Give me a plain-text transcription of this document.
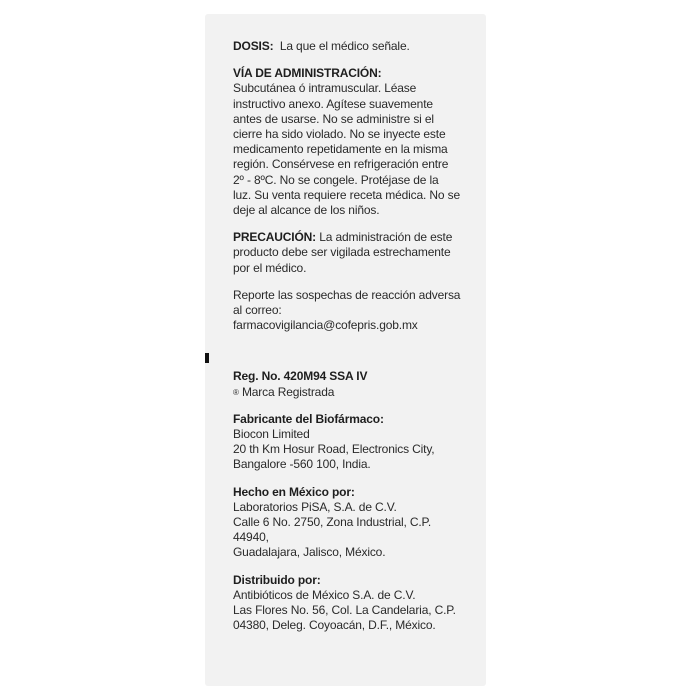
DOSIS: La que el médico señale.
VÍA DE ADMINISTRACIÓN:
Subcutánea ó intramuscular. Léase
instructivo anexo. Agítese suavemente
antes de usarse. No se administre si el
cierre ha sido violado. No se inyecte este
medicamento repetidamente en la misma
región. Consérvese en refrigeración entre
2º - 8ºC. No se congele. Protéjase de la
luz. Su venta requiere receta médica. No se
deje al alcance de los niños.
PRECAUCIÓN: La administración de este
producto debe ser vigilada estrechamente
por el médico.
Reporte las sospechas de reacción adversa
al correo:
farmacovigilancia@cofepris.gob.mx
Reg. No. 420M94 SSA IV
® Marca Registrada
Fabricante del Biofármaco:
Biocon Limited
20 th Km Hosur Road, Electronics City,
Bangalore -560 100, India.
Hecho en México por:
Laboratorios PiSA, S.A. de C.V.
Calle 6 No. 2750, Zona Industrial, C.P.
44940,
Guadalajara, Jalisco, México.
Distribuido por:
Antibióticos de México S.A. de C.V.
Las Flores No. 56, Col. La Candelaria, C.P.
04380, Deleg. Coyoacán, D.F., México.
